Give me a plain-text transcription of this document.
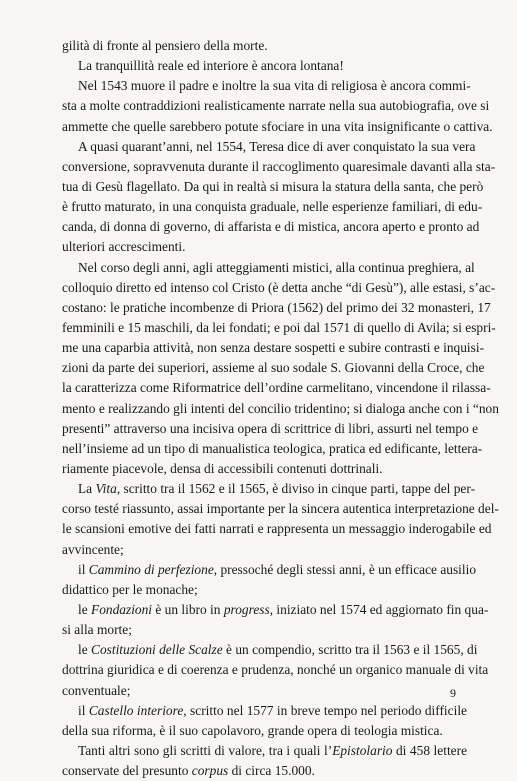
gilità di fronte al pensiero della morte.
La tranquillità reale ed interiore è ancora lontana!
Nel 1543 muore il padre e inoltre la sua vita di religiosa è ancora commi-
sta a molte contraddizioni realisticamente narrate nella sua autobiografia, ove si
ammette che quelle sarebbero potute sfociare in una vita insignificante o cattiva.
A quasi quarant’anni, nel 1554, Teresa dice di aver conquistato la sua vera
conversione, sopravvenuta durante il raccoglimento quaresimale davanti alla sta-
tua di Gesù flagellato. Da qui in realtà si misura la statura della santa, che però
è frutto maturato, in una conquista graduale, nelle esperienze familiari, di edu-
canda, di donna di governo, di affarista e di mistica, ancora aperto e pronto ad
ulteriori accrescimenti.
Nel corso degli anni, agli atteggiamenti mistici, alla continua preghiera, al
colloquio diretto ed intenso col Cristo (è detta anche “di Gesù”), alle estasi, s’ac-
costano: le pratiche incombenze di Priora (1562) del primo dei 32 monasteri, 17
femminili e 15 maschili, da lei fondati; e poi dal 1571 di quello di Avila; si espri-
me una caparbia attività, non senza destare sospetti e subire contrasti e inquisi-
zioni da parte dei superiori, assieme al suo sodale S. Giovanni della Croce, che
la caratterizza come Riformatrice dell’ordine carmelitano, vincendone il rilassa-
mento e realizzando gli intenti del concilio tridentino; si dialoga anche con i “non
presenti” attraverso una incisiva opera di scrittrice di libri, assurti nel tempo e
nell’insieme ad un tipo di manualistica teologica, pratica ed edificante, lettera-
riamente piacevole, densa di accessibili contenuti dottrinali.
La Vita, scritto tra il 1562 e il 1565, è diviso in cinque parti, tappe del per-
corso testé riassunto, assai importante per la sincera autentica interpretazione del-
le scansioni emotive dei fatti narrati e rappresenta un messaggio inderogabile ed
avvincente;
il Cammino di perfezione, pressoché degli stessi anni, è un efficace ausilio
didattico per le monache;
le Fondazioni è un libro in progress, iniziato nel 1574 ed aggiornato fin qua-
si alla morte;
le Costituzioni delle Scalze è un compendio, scritto tra il 1563 e il 1565, di
dottrina giuridica e di coerenza e prudenza, nonché un organico manuale di vita
conventuale;
il Castello interiore, scritto nel 1577 in breve tempo nel periodo difficile
della sua riforma, è il suo capolavoro, grande opera di teologia mistica.
Tanti altri sono gli scritti di valore, tra i quali l’Epistolario di 458 lettere
conservate del presunto corpus di circa 15.000.
9
